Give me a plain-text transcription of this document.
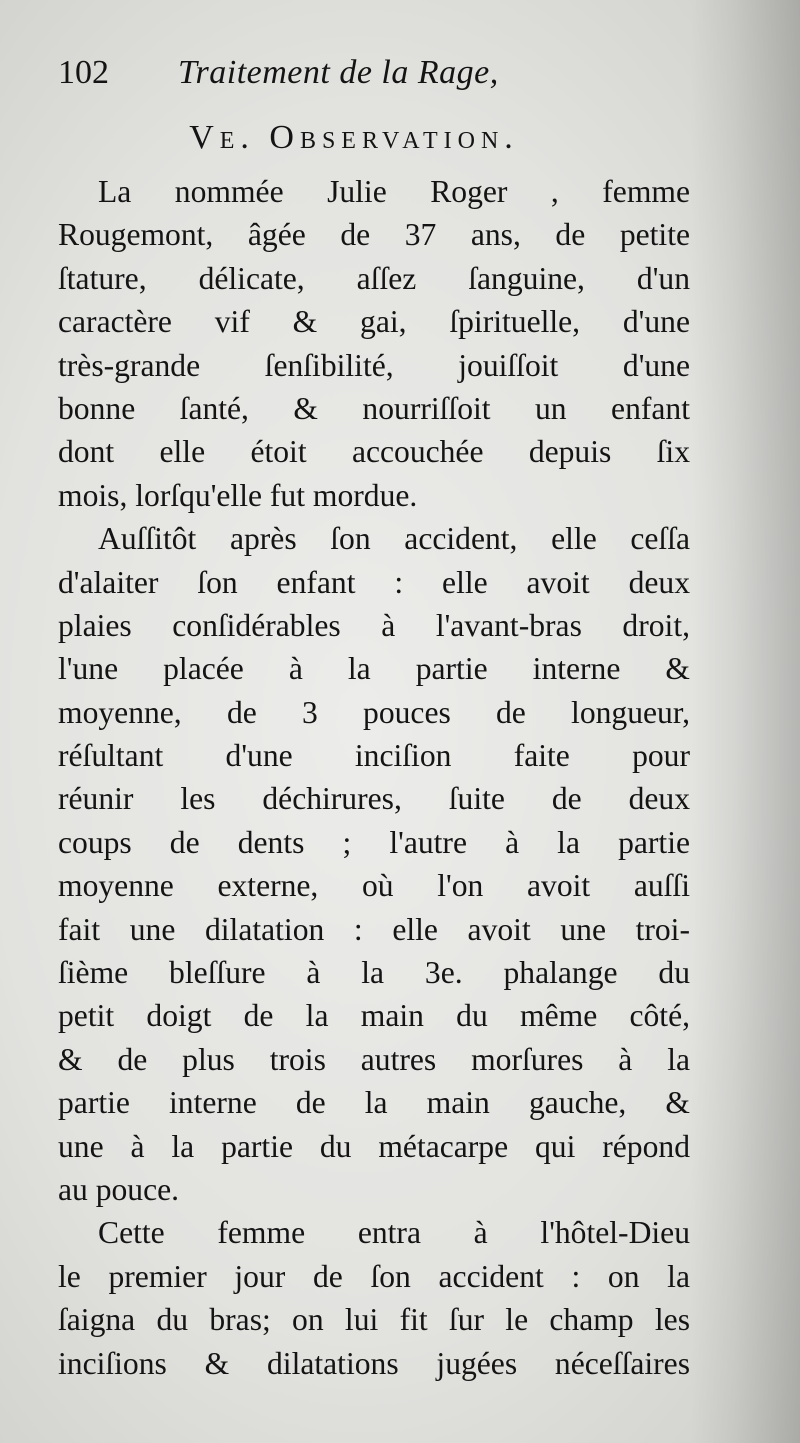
102	Traitement de la Rage,
Ve. Observation.
La nommée Julie Roger , femme
Rougemont, âgée de 37 ans, de petite
ſtature, délicate, aſſez ſanguine, d'un
caractère vif & gai, ſpirituelle, d'une
très-grande ſenſibilité, jouiſſoit d'une
bonne ſanté, & nourriſſoit un enfant
dont elle étoit accouchée depuis ſix
mois, lorſqu'elle fut mordue.
Auſſitôt après ſon accident, elle ceſſa
d'alaiter ſon enfant : elle avoit deux
plaies conſidérables à l'avant-bras droit,
l'une placée à la partie interne &
moyenne, de 3 pouces de longueur,
réſultant d'une inciſion faite pour
réunir les déchirures, ſuite de deux
coups de dents ; l'autre à la partie
moyenne externe, où l'on avoit auſſi
fait une dilatation : elle avoit une troi-
ſième bleſſure à la 3e. phalange du
petit doigt de la main du même côté,
& de plus trois autres morſures à la
partie interne de la main gauche, &
une à la partie du métacarpe qui répond
au pouce.
Cette femme entra à l'hôtel-Dieu
le premier jour de ſon accident : on la
ſaigna du bras; on lui fit ſur le champ les
inciſions & dilatations jugées néceſſaires
